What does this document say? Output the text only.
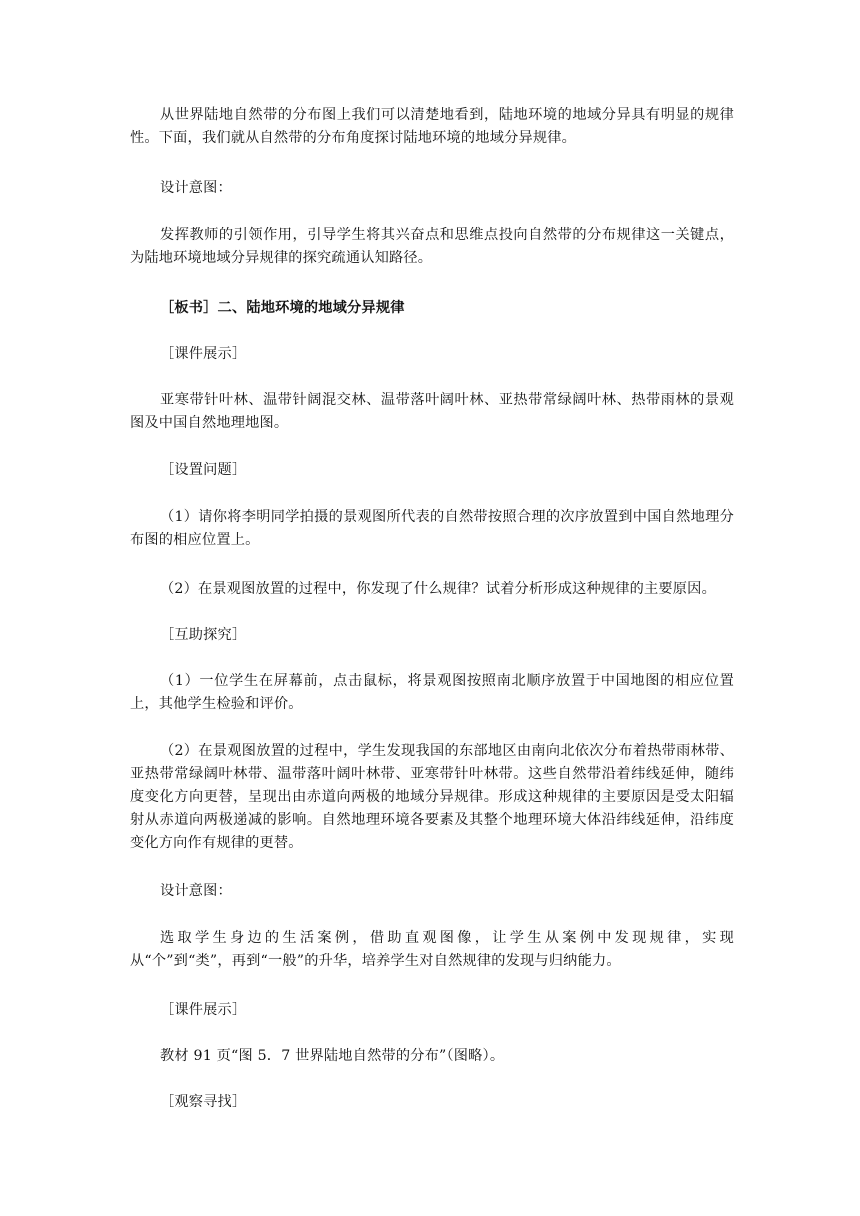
从世界陆地自然带的分布图上我们可以清楚地看到，陆地环境的地域分异具有明显的规律性。下面，我们就从自然带的分布角度探讨陆地环境的地域分异规律。

设计意图：

发挥教师的引领作用，引导学生将其兴奋点和思维点投向自然带的分布规律这一关键点，为陆地环境地域分异规律的探究疏通认知路径。

［板书］二、陆地环境的地域分异规律

［课件展示］

亚寒带针叶林、温带针阔混交林、温带落叶阔叶林、亚热带常绿阔叶林、热带雨林的景观图及中国自然地理地图。

［设置问题］

（1）请你将李明同学拍摄的景观图所代表的自然带按照合理的次序放置到中国自然地理分布图的相应位置上。

（2）在景观图放置的过程中，你发现了什么规律？试着分析形成这种规律的主要原因。

［互助探究］

（1）一位学生在屏幕前，点击鼠标，将景观图按照南北顺序放置于中国地图的相应位置上，其他学生检验和评价。

（2）在景观图放置的过程中，学生发现我国的东部地区由南向北依次分布着热带雨林带、亚热带常绿阔叶林带、温带落叶阔叶林带、亚寒带针叶林带。这些自然带沿着纬线延伸，随纬度变化方向更替，呈现出由赤道向两极的地域分异规律。形成这种规律的主要原因是受太阳辐射从赤道向两极递减的影响。自然地理环境各要素及其整个地理环境大体沿纬线延伸，沿纬度变化方向作有规律的更替。

设计意图：

选取学生身边的生活案例，借助直观图像，让学生从案例中发现规律，实现从“个”到“类”，再到“一般”的升华，培养学生对自然规律的发现与归纳能力。

［课件展示］

教材 91 页“图 5．7 世界陆地自然带的分布”（图略）。

［观察寻找］
